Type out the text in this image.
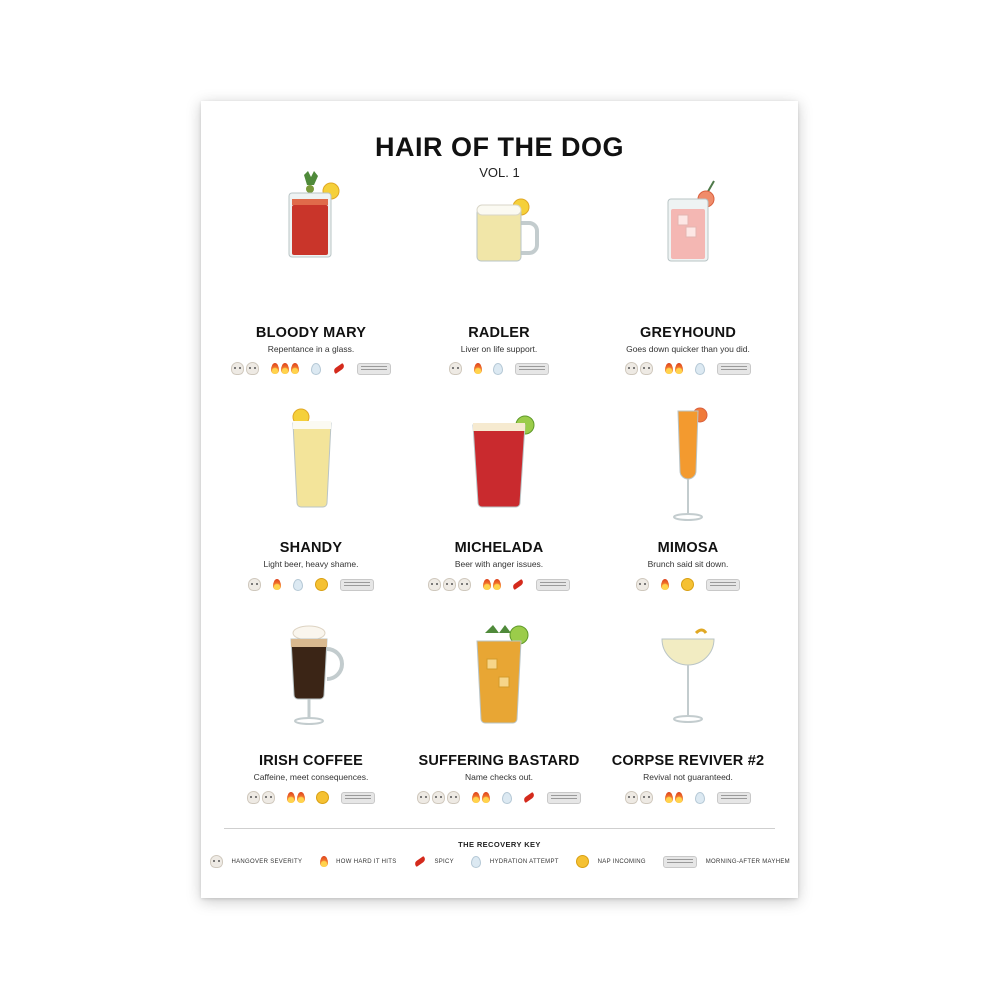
HAIR OF THE DOG
VOL. 1
BLOODY MARY
Repentance in a glass.

RADLER
Liver on life support.

GREYHOUND
Goes down quicker than you did.

SHANDY
Light beer, heavy shame.

MICHELADA
Beer with anger issues.

MIMOSA
Brunch said sit down.

IRISH COFFEE
Caffeine, meet consequences.

SUFFERING BASTARD
Name checks out.

CORPSE REVIVER #2
Revival not guaranteed.

THE RECOVERY KEY
HANGOVER SEVERITY	HOW HARD IT HITS	SPICY	HYDRATION ATTEMPT	NAP INCOMING	MORNING-AFTER MAYHEM
